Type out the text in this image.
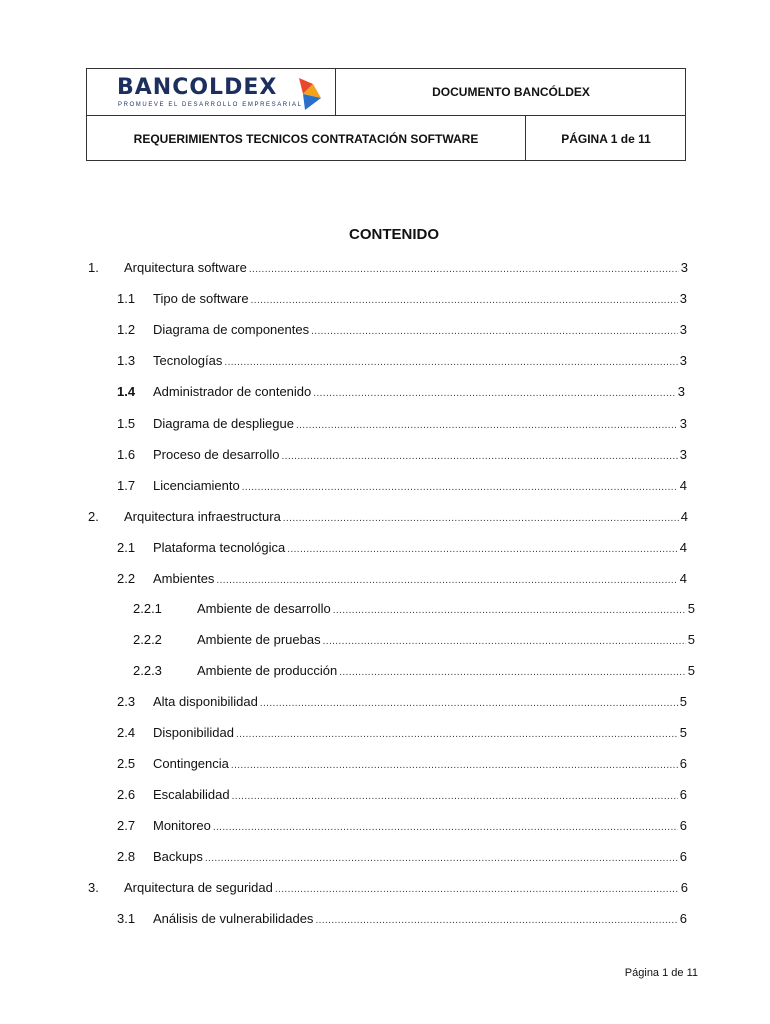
BANCOLDEX
PROMUEVE EL DESARROLLO EMPRESARIAL
DOCUMENTO BANCÓLDEX
REQUERIMIENTOS TECNICOS CONTRATACIÓN SOFTWARE	PÁGINA 1 de 11
CONTENIDO
1.	Arquitectura software .....	3
1.1	Tipo de software .....	3
1.2	Diagrama de componentes .....	3
1.3	Tecnologías .....	3
1.4	Administrador de contenido .....	3
1.5	Diagrama de despliegue .....	3
1.6	Proceso de desarrollo .....	3
1.7	Licenciamiento .....	4
2.	Arquitectura infraestructura .....	4
2.1	Plataforma tecnológica .....	4
2.2	Ambientes .....	4
2.2.1	Ambiente de desarrollo .....	5
2.2.2	Ambiente de pruebas .....	5
2.2.3	Ambiente de producción .....	5
2.3	Alta disponibilidad .....	5
2.4	Disponibilidad .....	5
2.5	Contingencia .....	6
2.6	Escalabilidad .....	6
2.7	Monitoreo .....	6
2.8	Backups .....	6
3.	Arquitectura de seguridad .....	6
3.1	Análisis de vulnerabilidades .....	6
Página 1 de 11
